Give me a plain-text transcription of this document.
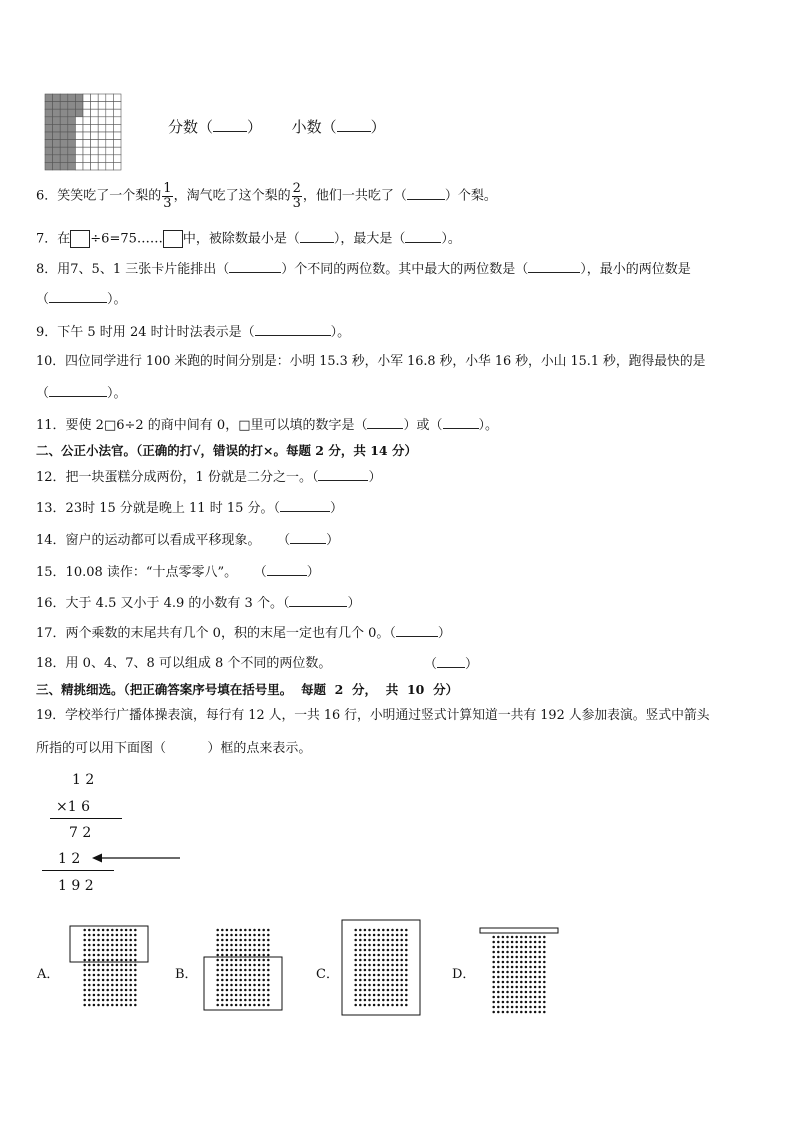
分数（ ） 小数（ ）
6．笑笑吃了一个梨的 $\frac{1}{3}$ ，淘气吃了这个梨的 $\frac{2}{3}$ ，他们一共吃了（	）个梨。
7．在 ÷6=75…… 中，被除数最小是（	），最大是（	）。
8．用7、5、1 三张卡片能排出（	）个不同的两位数。其中最大的两位数是（	），最小的两位数是
（	）。
9．下午 5 时用 24 时计时法表示是（	）。
10．四位同学进行 100 米跑的时间分别是：小明 15.3 秒，小军 16.8 秒，小华 16 秒，小山 15.1 秒，跑得最快的是
（	）。
11．要使 2□6÷2 的商中间有 0，□里可以填的数字是（	）或（	）。
二、公正小法官。（正确的打√，错误的打×。每题 2 分，共 14 分）
12．把一块蛋糕分成两份，1 份就是二分之一。（	）
13．23时 15 分就是晚上 11 时 15 分。（	）
14．窗户的运动都可以看成平移现象。    （	）
15．10.08 读作：“十点零零八”。    （	）
16．大于 4.5 又小于 4.9 的小数有 3 个。（	）
17．两个乘数的末尾共有几个 0，积的末尾一定也有几个 0。（	）
18．用 0、4、7、8 可以组成 8 个不同的两位数。	（ ）
三、精挑细选。（把正确答案序号填在括号里。  每题  2  分，  共  10  分）
19．学校举行广播体操表演，每行有 12 人，一共 16 行，小明通过竖式计算知道一共有 192 人参加表演。竖式中箭头
所指的可以用下面图（          ）框的点来表示。
1 2
×1 6
7 2
1 2
1 9 2
A．	B．	C．	D．
